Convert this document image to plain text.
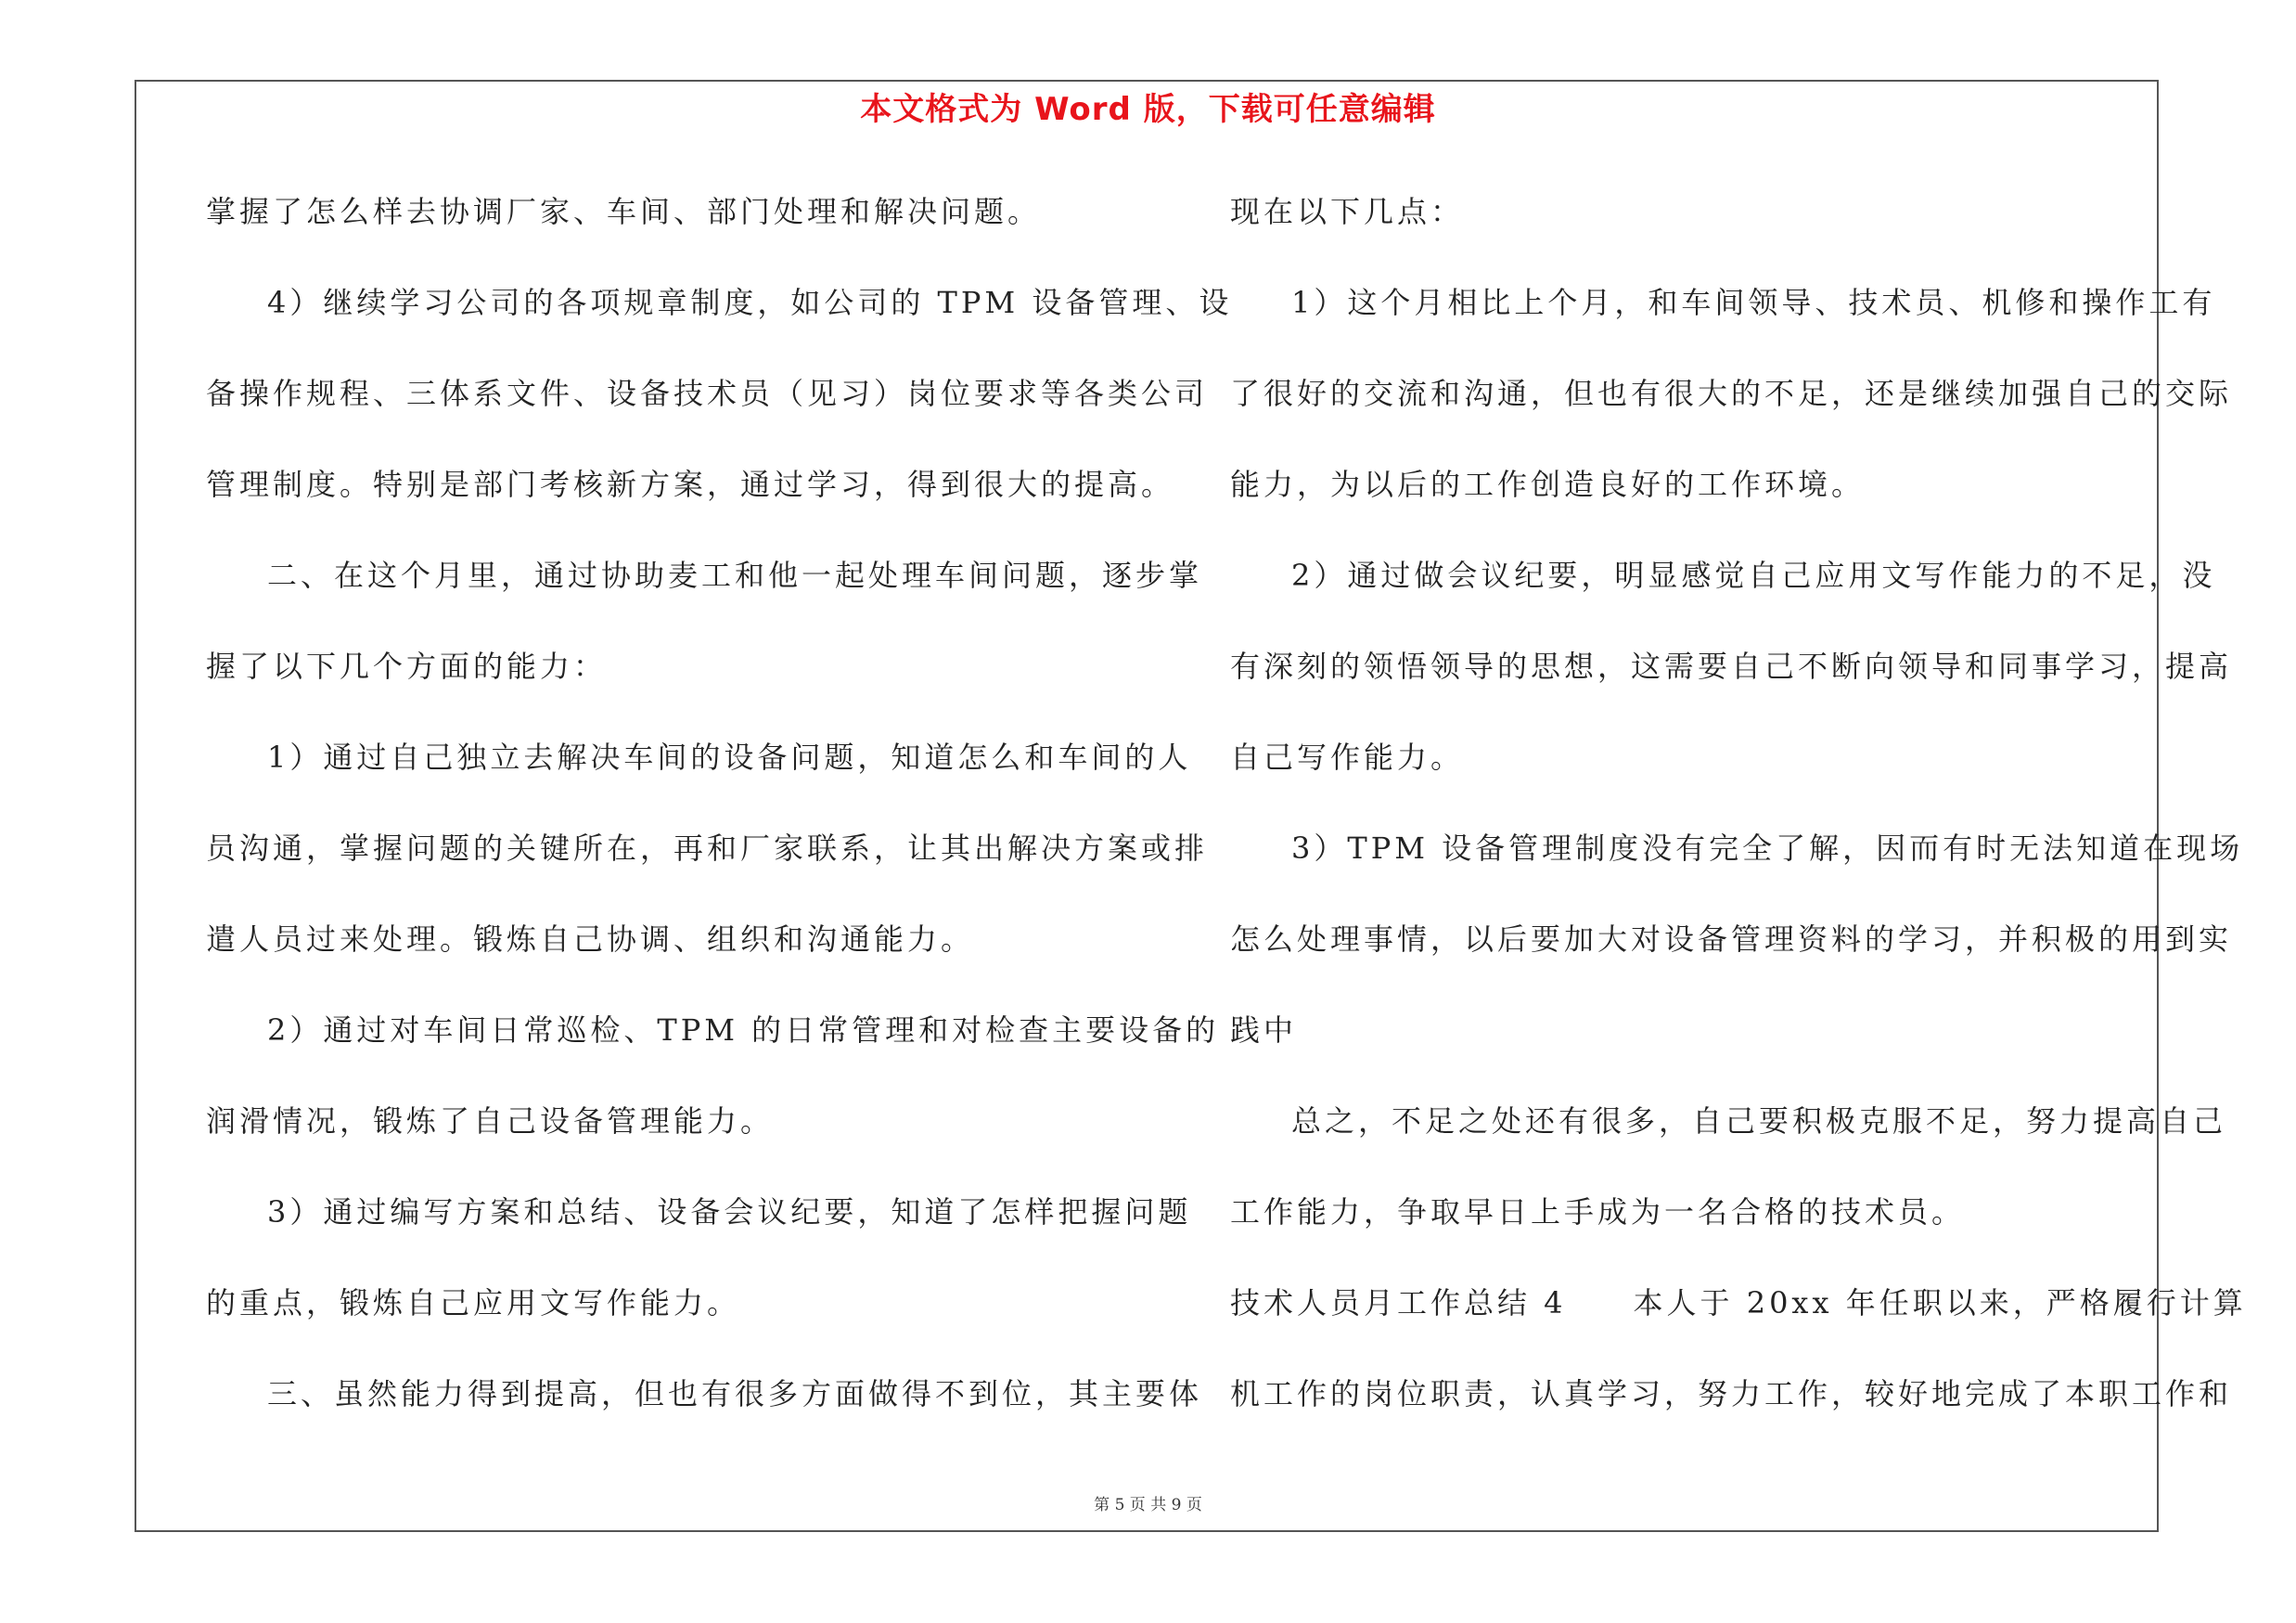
本文格式为 Word 版，下载可任意编辑
掌握了怎么样去协调厂家、车间、部门处理和解决问题。
4）继续学习公司的各项规章制度，如公司的 TPM 设备管理、设
备操作规程、三体系文件、设备技术员（见习）岗位要求等各类公司
管理制度。特别是部门考核新方案，通过学习，得到很大的提高。
二、在这个月里，通过协助麦工和他一起处理车间问题，逐步掌
握了以下几个方面的能力：
1）通过自己独立去解决车间的设备问题，知道怎么和车间的人
员沟通，掌握问题的关键所在，再和厂家联系，让其出解决方案或排
遣人员过来处理。锻炼自己协调、组织和沟通能力。
2）通过对车间日常巡检、TPM 的日常管理和对检查主要设备的
润滑情况，锻炼了自己设备管理能力。
3）通过编写方案和总结、设备会议纪要，知道了怎样把握问题
的重点，锻炼自己应用文写作能力。
三、虽然能力得到提高，但也有很多方面做得不到位，其主要体
现在以下几点：
1）这个月相比上个月，和车间领导、技术员、机修和操作工有
了很好的交流和沟通，但也有很大的不足，还是继续加强自己的交际
能力，为以后的工作创造良好的工作环境。
2）通过做会议纪要，明显感觉自己应用文写作能力的不足，没
有深刻的领悟领导的思想，这需要自己不断向领导和同事学习，提高
自己写作能力。
3）TPM 设备管理制度没有完全了解，因而有时无法知道在现场
怎么处理事情，以后要加大对设备管理资料的学习，并积极的用到实
践中
总之，不足之处还有很多，自己要积极克服不足，努力提高自己
工作能力，争取早日上手成为一名合格的技术员。
技术人员月工作总结 4　　本人于 20xx 年任职以来，严格履行计算
机工作的岗位职责，认真学习，努力工作，较好地完成了本职工作和
第 5 页 共 9 页
